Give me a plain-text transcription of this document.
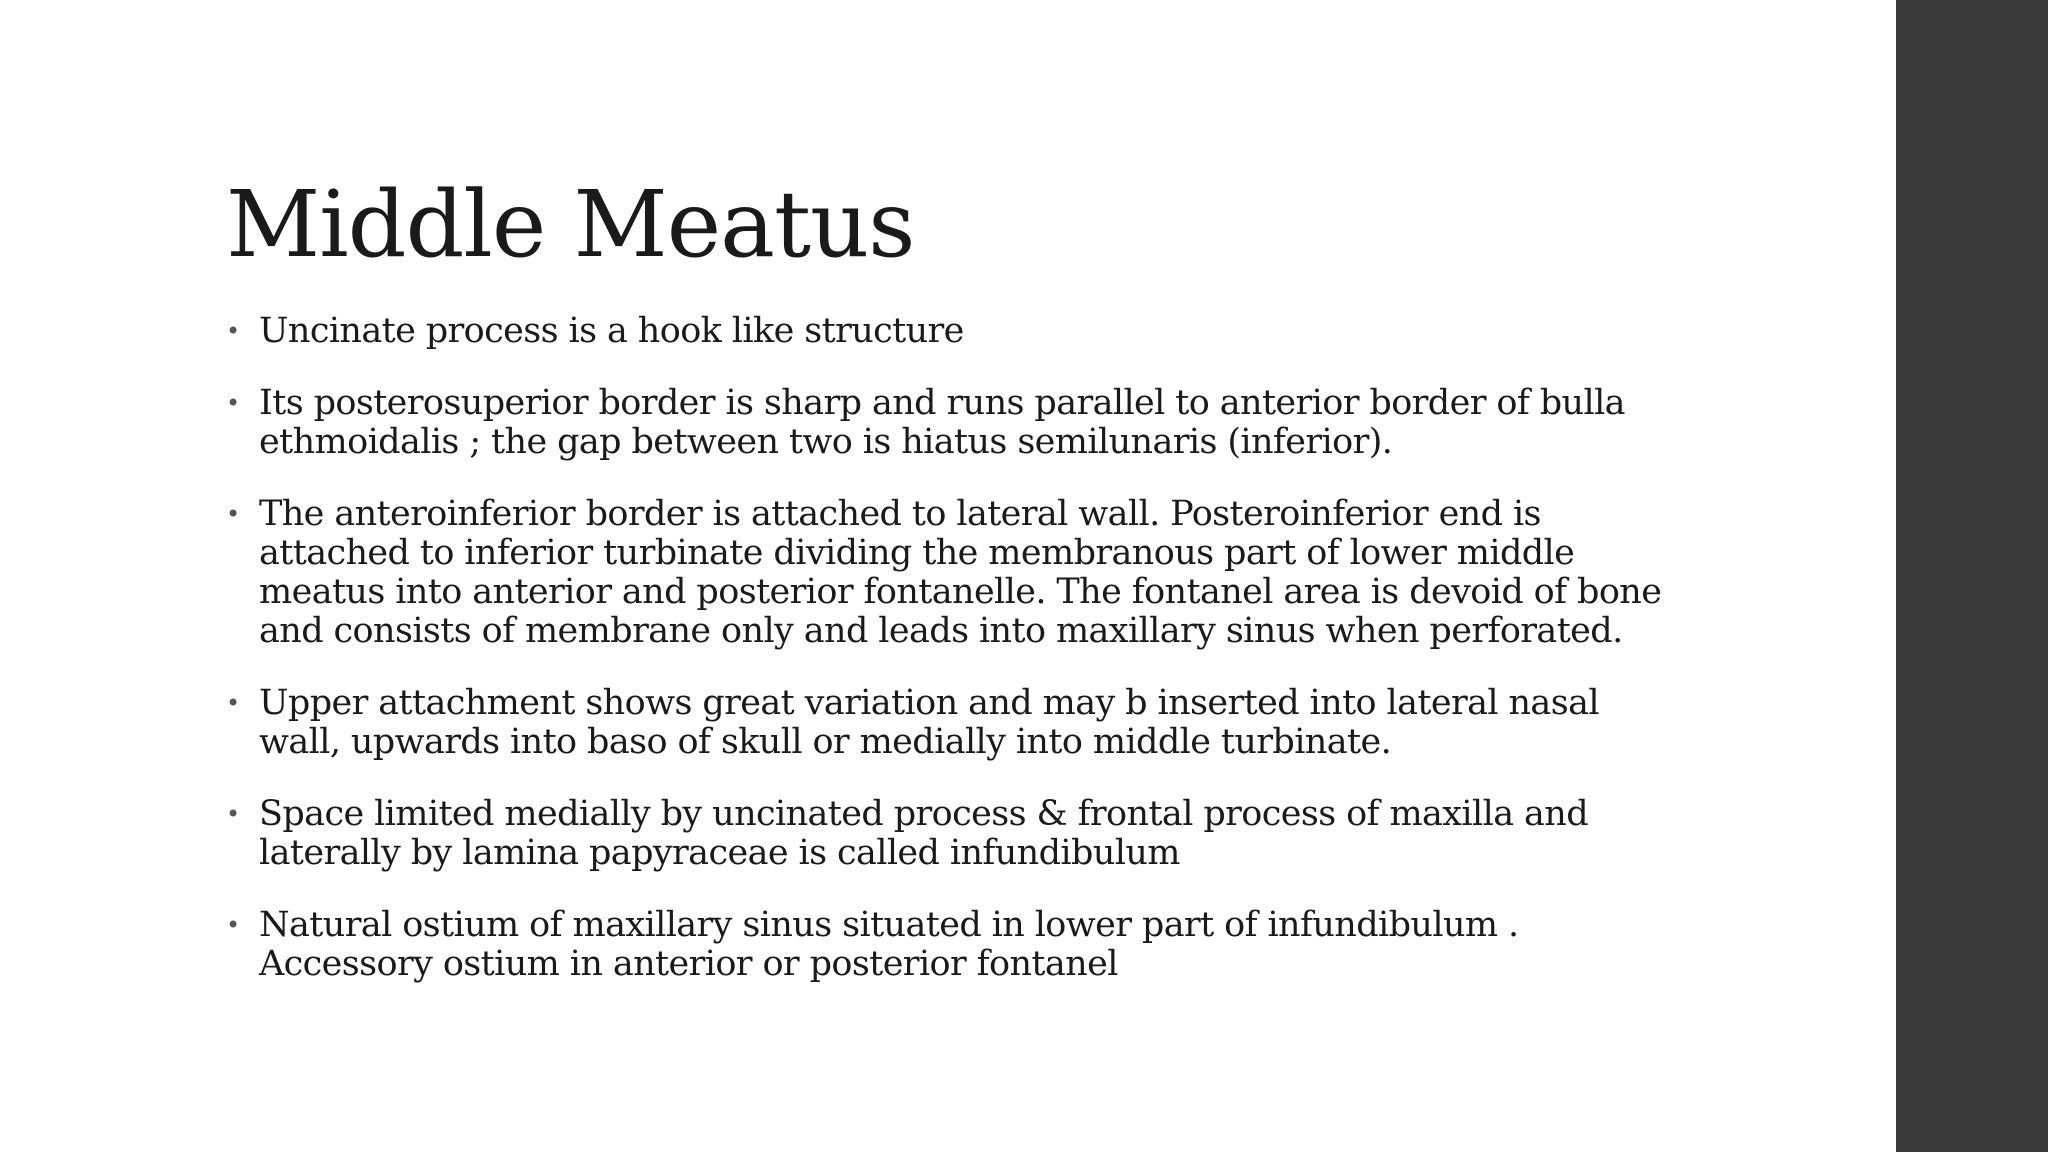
Middle Meatus
• Uncinate process is a hook like structure
• Its posterosuperior border is sharp and runs parallel to anterior border of bulla ethmoidalis ; the gap between two is hiatus semilunaris (inferior).
• The anteroinferior border is attached to lateral wall. Posteroinferior end is attached to inferior turbinate dividing the membranous part of lower middle meatus into anterior and posterior fontanelle. The fontanel area is devoid of bone and consists of membrane only and leads into maxillary sinus when perforated.
• Upper attachment shows great variation and may b inserted into lateral nasal wall, upwards into baso of skull or medially into middle turbinate.
• Space limited medially by uncinated process & frontal process of maxilla and laterally by lamina papyraceae is called infundibulum
• Natural ostium of maxillary sinus situated in lower part of infundibulum . Accessory ostium in anterior or posterior fontanel
